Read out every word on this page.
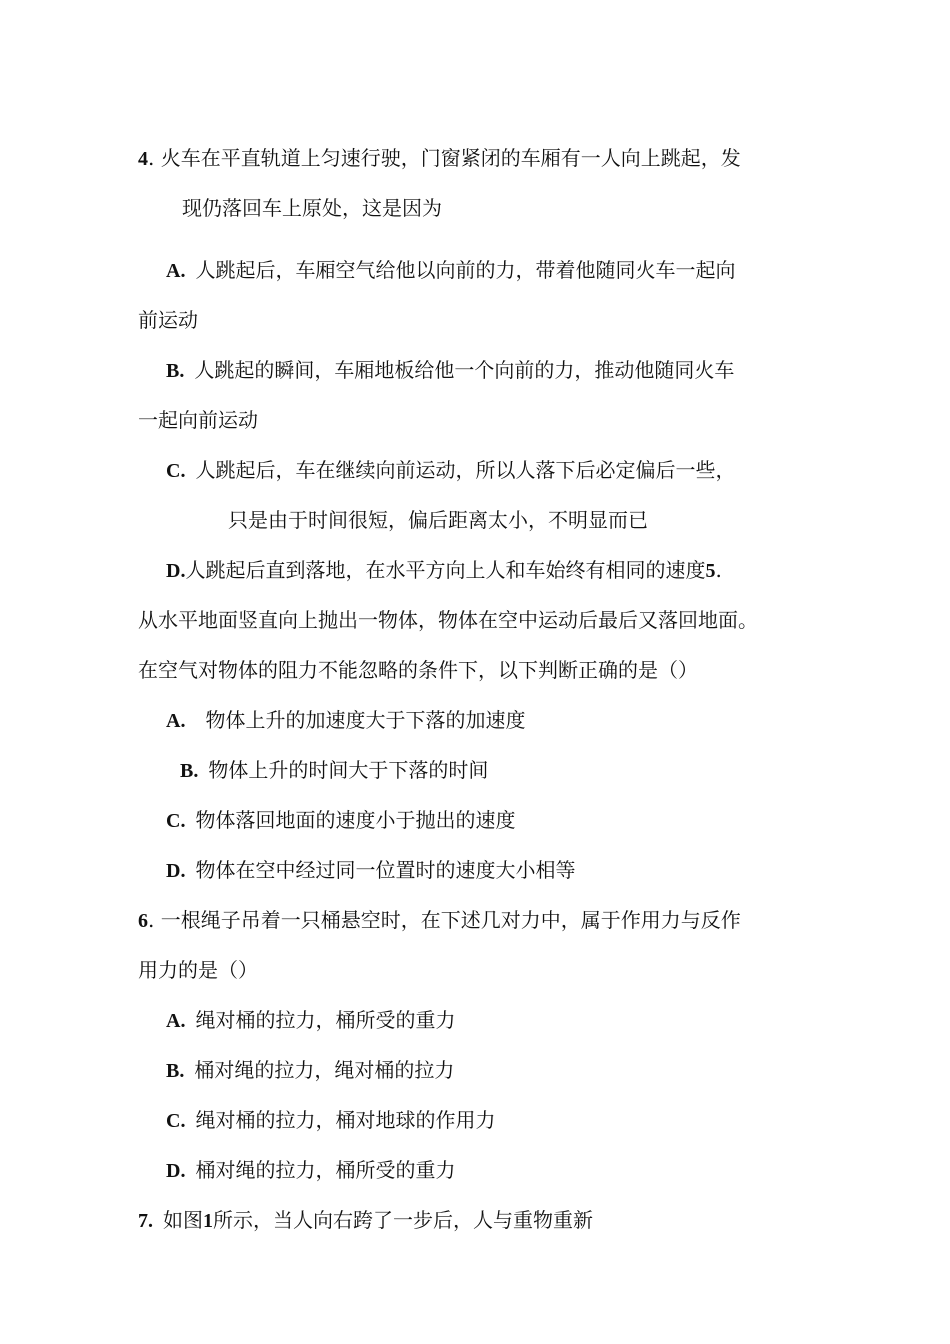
4. 火车在平直轨道上匀速行驶，门窗紧闭的车厢有一人向上跳起，发
现仍落回车上原处，这是因为
A. 人跳起后，车厢空气给他以向前的力，带着他随同火车一起向
前运动
B. 人跳起的瞬间，车厢地板给他一个向前的力，推动他随同火车
一起向前运动
C. 人跳起后，车在继续向前运动，所以人落下后必定偏后一些，
只是由于时间很短，偏后距离太小，不明显而已
D.人跳起后直到落地，在水平方向上人和车始终有相同的速度5.
从水平地面竖直向上抛出一物体，物体在空中运动后最后又落回地面。
在空气对物体的阻力不能忽略的条件下，以下判断正确的是（）
A. 物体上升的加速度大于下落的加速度
B. 物体上升的时间大于下落的时间
C. 物体落回地面的速度小于抛出的速度
D. 物体在空中经过同一位置时的速度大小相等
6. 一根绳子吊着一只桶悬空时，在下述几对力中，属于作用力与反作
用力的是（）
A. 绳对桶的拉力，桶所受的重力
B. 桶对绳的拉力，绳对桶的拉力
C. 绳对桶的拉力，桶对地球的作用力
D. 桶对绳的拉力，桶所受的重力
7. 如图1所示，当人向右跨了一步后，人与重物重新
